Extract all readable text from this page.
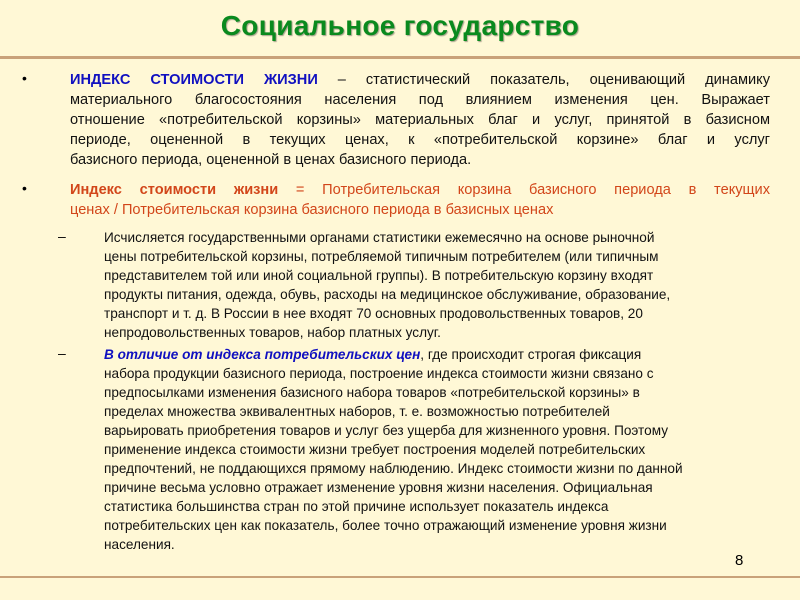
Социальное государство
•	ИНДЕКС СТОИМОСТИ ЖИЗНИ – статистический показатель, оценивающий динамику
материального благосостояния населения под влиянием изменения цен. Выражает
отношение «потребительской корзины» материальных благ и услуг, принятой в базисном
периоде, оцененной в текущих ценах, к «потребительской корзине» благ и услуг
базисного периода, оцененной в ценах базисного периода.
•	Индекс стоимости жизни = Потребительская корзина базисного периода в текущих
ценах / Потребительская корзина базисного периода в базисных ценах
–	Исчисляется государственными органами статистики ежемесячно на основе рыночной
цены потребительской корзины, потребляемой типичным потребителем (или типичным
представителем той или иной социальной группы). В потребительскую корзину входят
продукты питания, одежда, обувь, расходы на медицинское обслуживание, образование,
транспорт и т. д. В России в нее входят 70 основных продовольственных товаров, 20
непродовольственных товаров, набор платных услуг.
–	В отличие от индекса потребительских цен, где происходит строгая фиксация
набора продукции базисного периода, построение индекса стоимости жизни связано с
предпосылками изменения базисного набора товаров «потребительской корзины» в
пределах множества эквивалентных наборов, т. е. возможностью потребителей
варьировать приобретения товаров и услуг без ущерба для жизненного уровня. Поэтому
применение индекса стоимости жизни требует построения моделей потребительских
предпочтений, не поддающихся прямому наблюдению. Индекс стоимости жизни по данной
причине весьма условно отражает изменение уровня жизни населения. Официальная
статистика большинства стран по этой причине использует показатель индекса
потребительских цен как показатель, более точно отражающий изменение уровня жизни
населения.
8
